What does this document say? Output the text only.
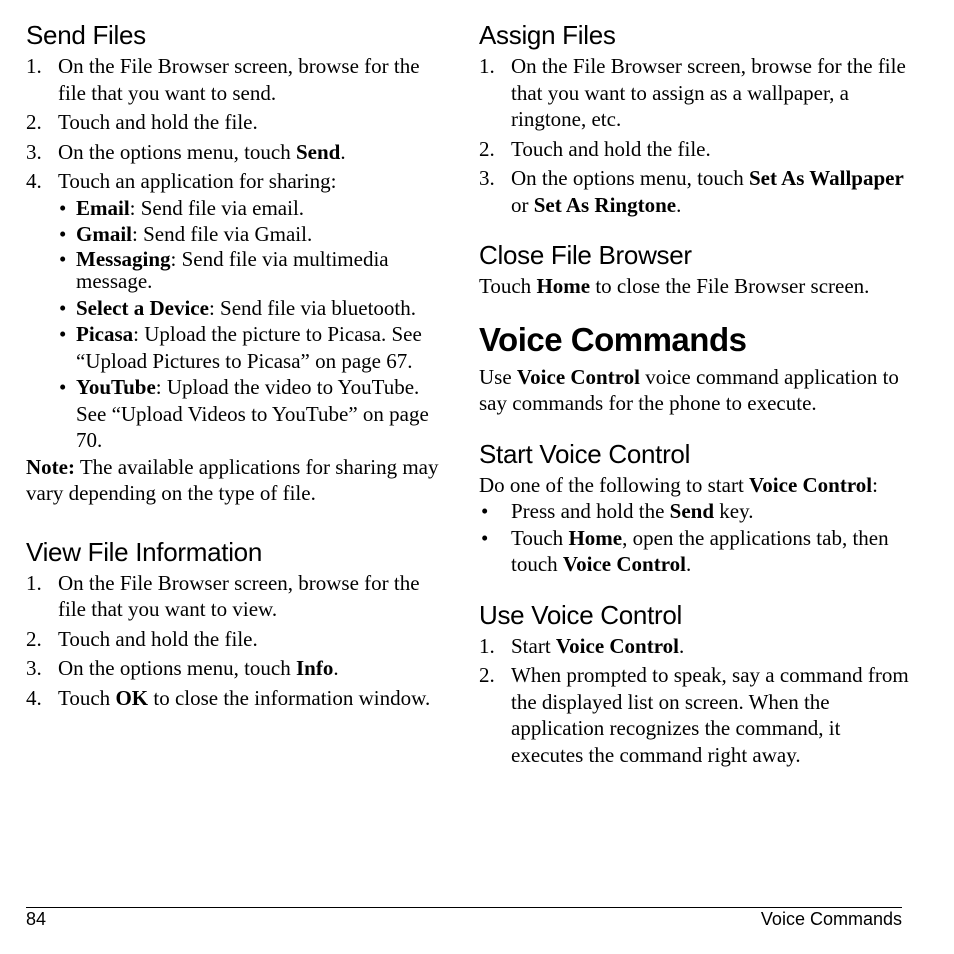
Send Files
1. On the File Browser screen, browse for the file that you want to send.
2. Touch and hold the file.
3. On the options menu, touch Send.
4. Touch an application for sharing:
• Email: Send file via email.
• Gmail: Send file via Gmail.
• Messaging: Send file via multimedia message.
• Select a Device: Send file via bluetooth.
• Picasa: Upload the picture to Picasa. See “Upload Pictures to Picasa” on page 67.
• YouTube: Upload the video to YouTube. See “Upload Videos to YouTube” on page 70.

Note: The available applications for sharing may vary depending on the type of file.

View File Information
1. On the File Browser screen, browse for the file that you want to view.
2. Touch and hold the file.
3. On the options menu, touch Info.
4. Touch OK to close the information window.
Assign Files
1. On the File Browser screen, browse for the file that you want to assign as a wallpaper, a ringtone, etc.
2. Touch and hold the file.
3. On the options menu, touch Set As Wallpaper or Set As Ringtone.
Close File Browser

Touch Home to close the File Browser screen.

Voice Commands

Use Voice Control voice command application to say commands for the phone to execute.

Start Voice Control

Do one of the following to start Voice Control:

• Press and hold the Send key.
• Touch Home, open the applications tab, then touch Voice Control.
Use Voice Control
1. Start Voice Control.
2. When prompted to speak, say a command from the displayed list on screen. When the application recognizes the command, it executes the command right away.
84	Voice Commands
